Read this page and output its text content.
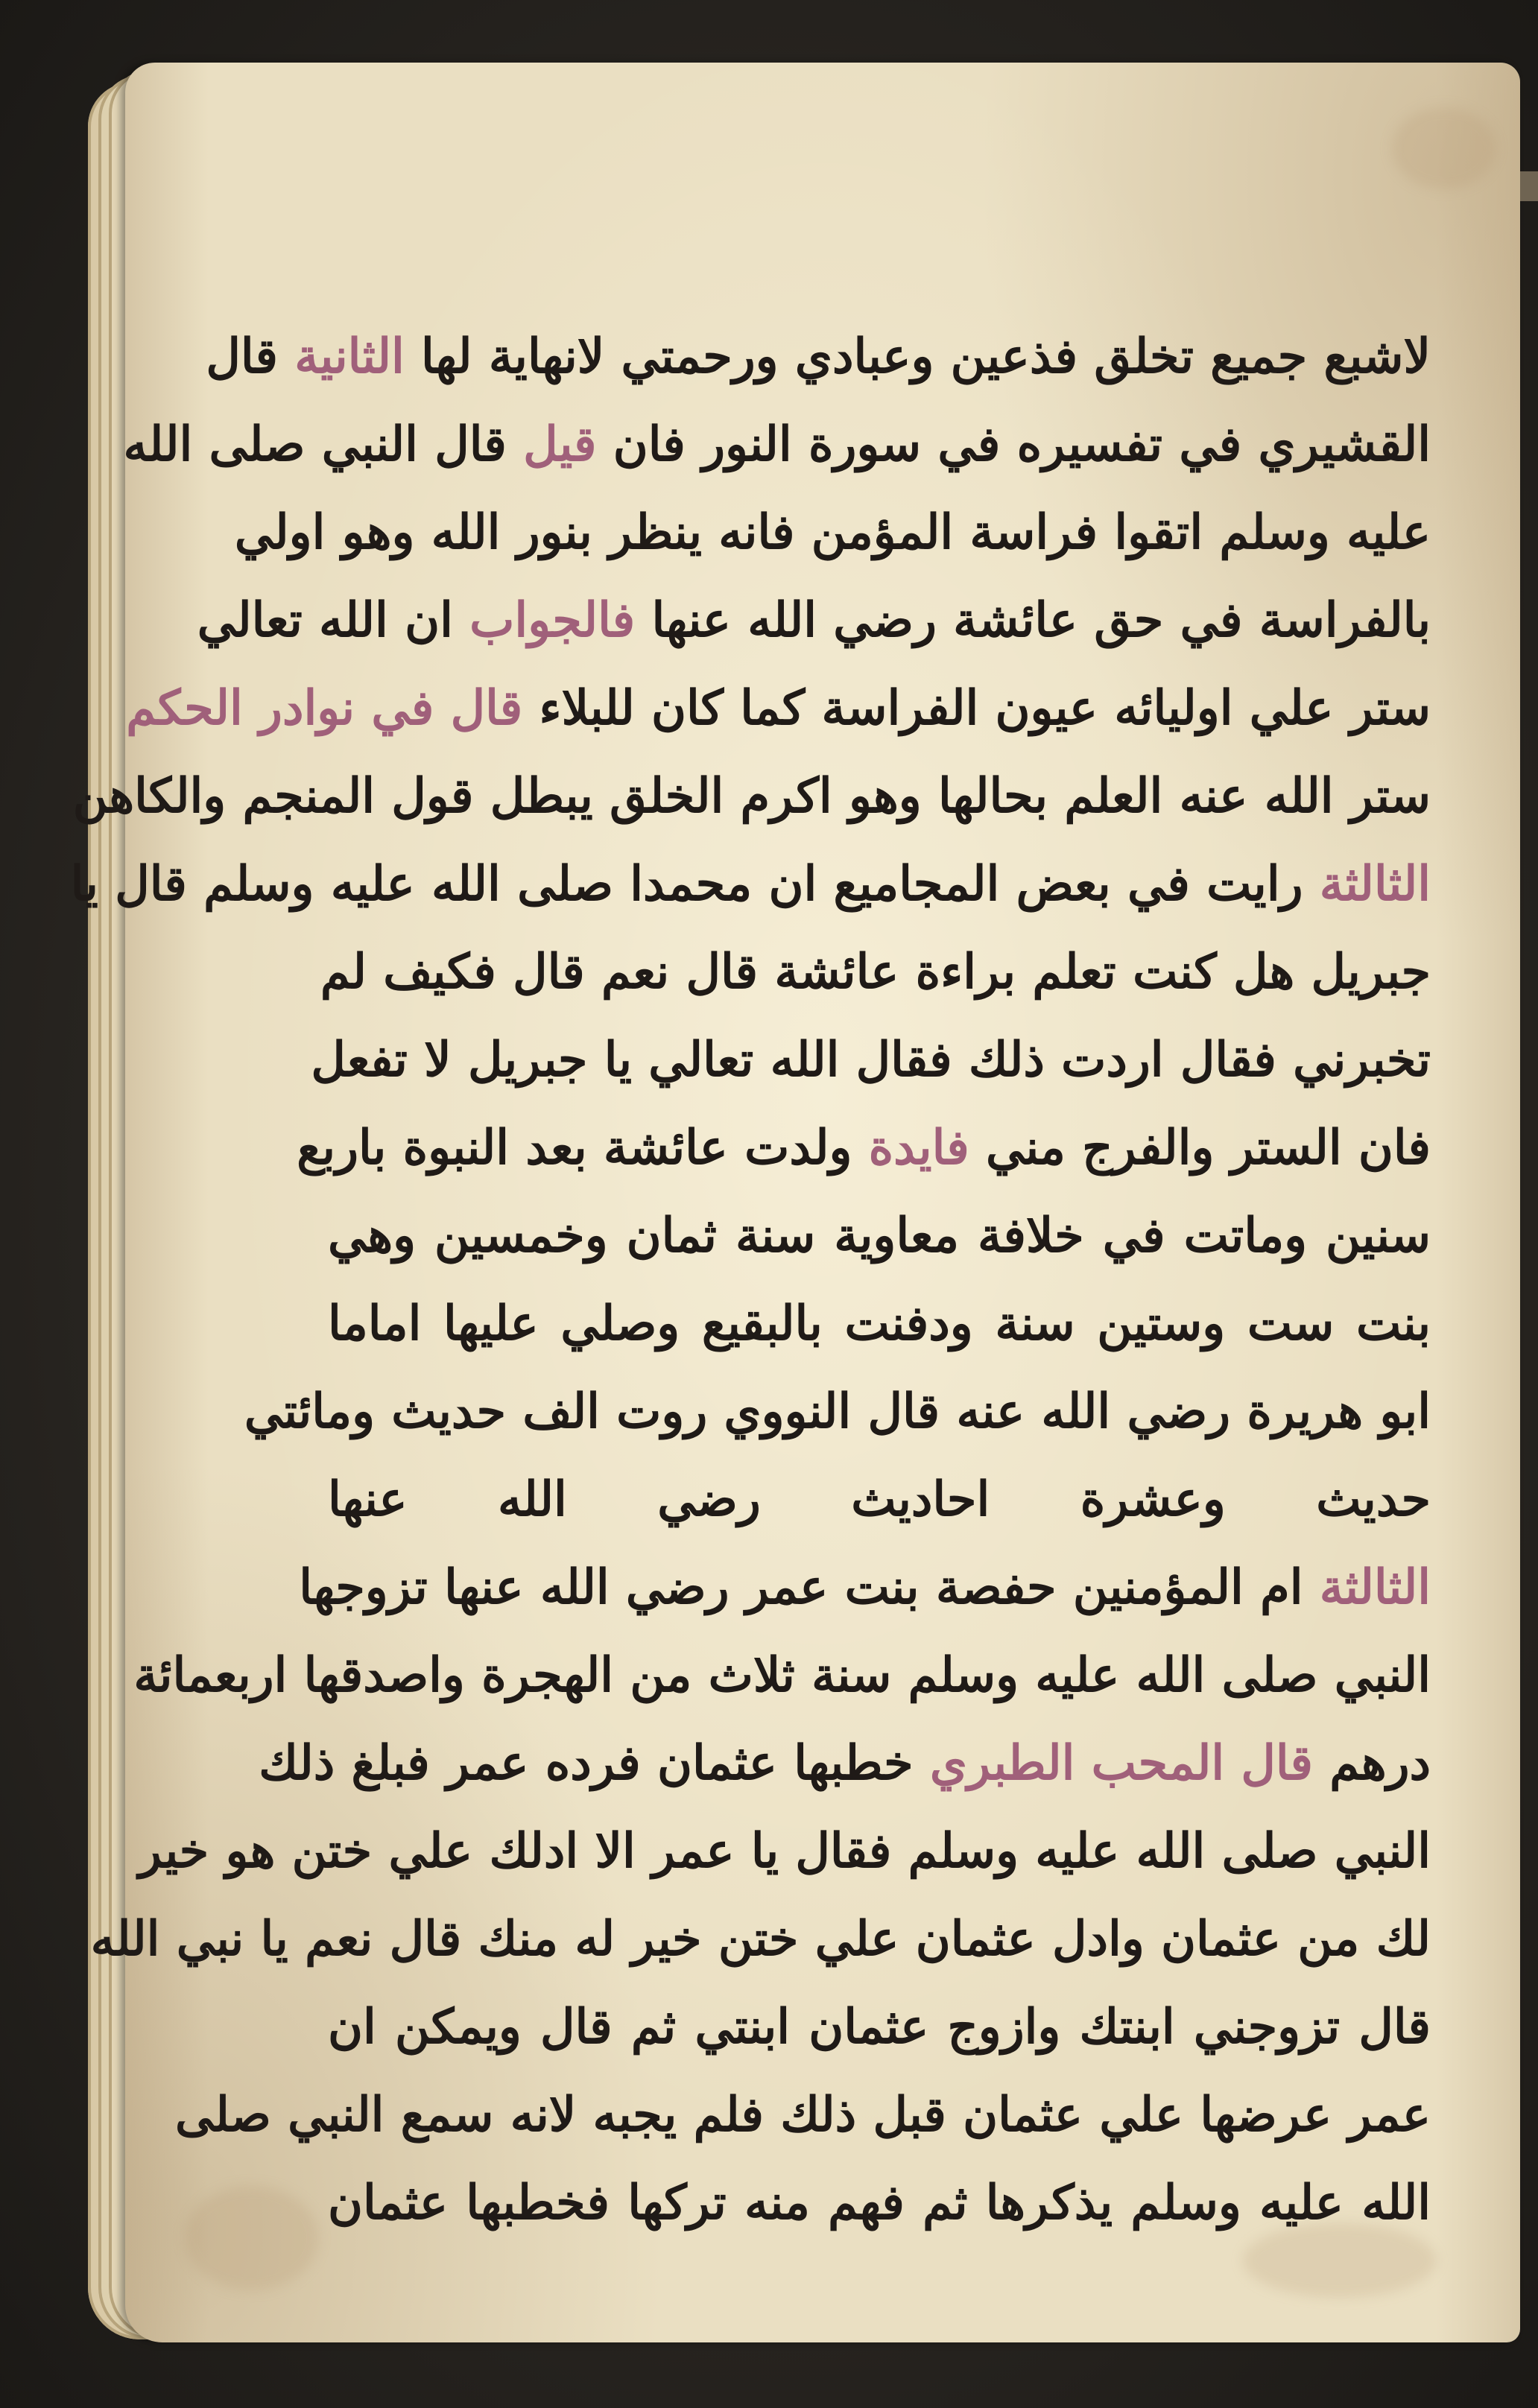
لاشبع جميع تخلق فذعين وعبادي ورحمتي لانهاية لها الثانية قال
القشيري في تفسيره في سورة النور فان قيل قال النبي صلى الله
عليه وسلم اتقوا فراسة المؤمن فانه ينظر بنور الله وهو اولي
بالفراسة في حق عائشة رضي الله عنها فالجواب ان الله تعالي
ستر علي اوليائه عيون الفراسة كما كان للبلاء قال في نوادر الحكم
ستر الله عنه العلم بحالها وهو اكرم الخلق يبطل قول المنجم والكاهن
الثالثة رايت في بعض المجاميع ان محمدا صلى الله عليه وسلم قال يا
جبريل هل كنت تعلم براءة عائشة قال نعم قال فكيف لم
تخبرني فقال اردت ذلك فقال الله تعالي يا جبريل لا تفعل
فان الستر والفرج مني فايدة ولدت عائشة بعد النبوة باربع
سنين وماتت في خلافة معاوية سنة ثمان وخمسين وهي
بنت ست وستين سنة ودفنت بالبقيع وصلي عليها اماما
ابو هريرة رضي الله عنه قال النووي روت الف حديث ومائتي
حديث وعشرة احاديث رضي الله عنها
الثالثة ام المؤمنين حفصة بنت عمر رضي الله عنها تزوجها
النبي صلى الله عليه وسلم سنة ثلاث من الهجرة واصدقها اربعمائة
درهم قال المحب الطبري خطبها عثمان فرده عمر فبلغ ذلك
النبي صلى الله عليه وسلم فقال يا عمر الا ادلك علي ختن هو خير
لك من عثمان وادل عثمان علي ختن خير له منك قال نعم يا نبي الله
قال تزوجني ابنتك وازوج عثمان ابنتي ثم قال ويمكن ان
عمر عرضها علي عثمان قبل ذلك فلم يجبه لانه سمع النبي صلى
الله عليه وسلم يذكرها ثم فهم منه تركها فخطبها عثمان
